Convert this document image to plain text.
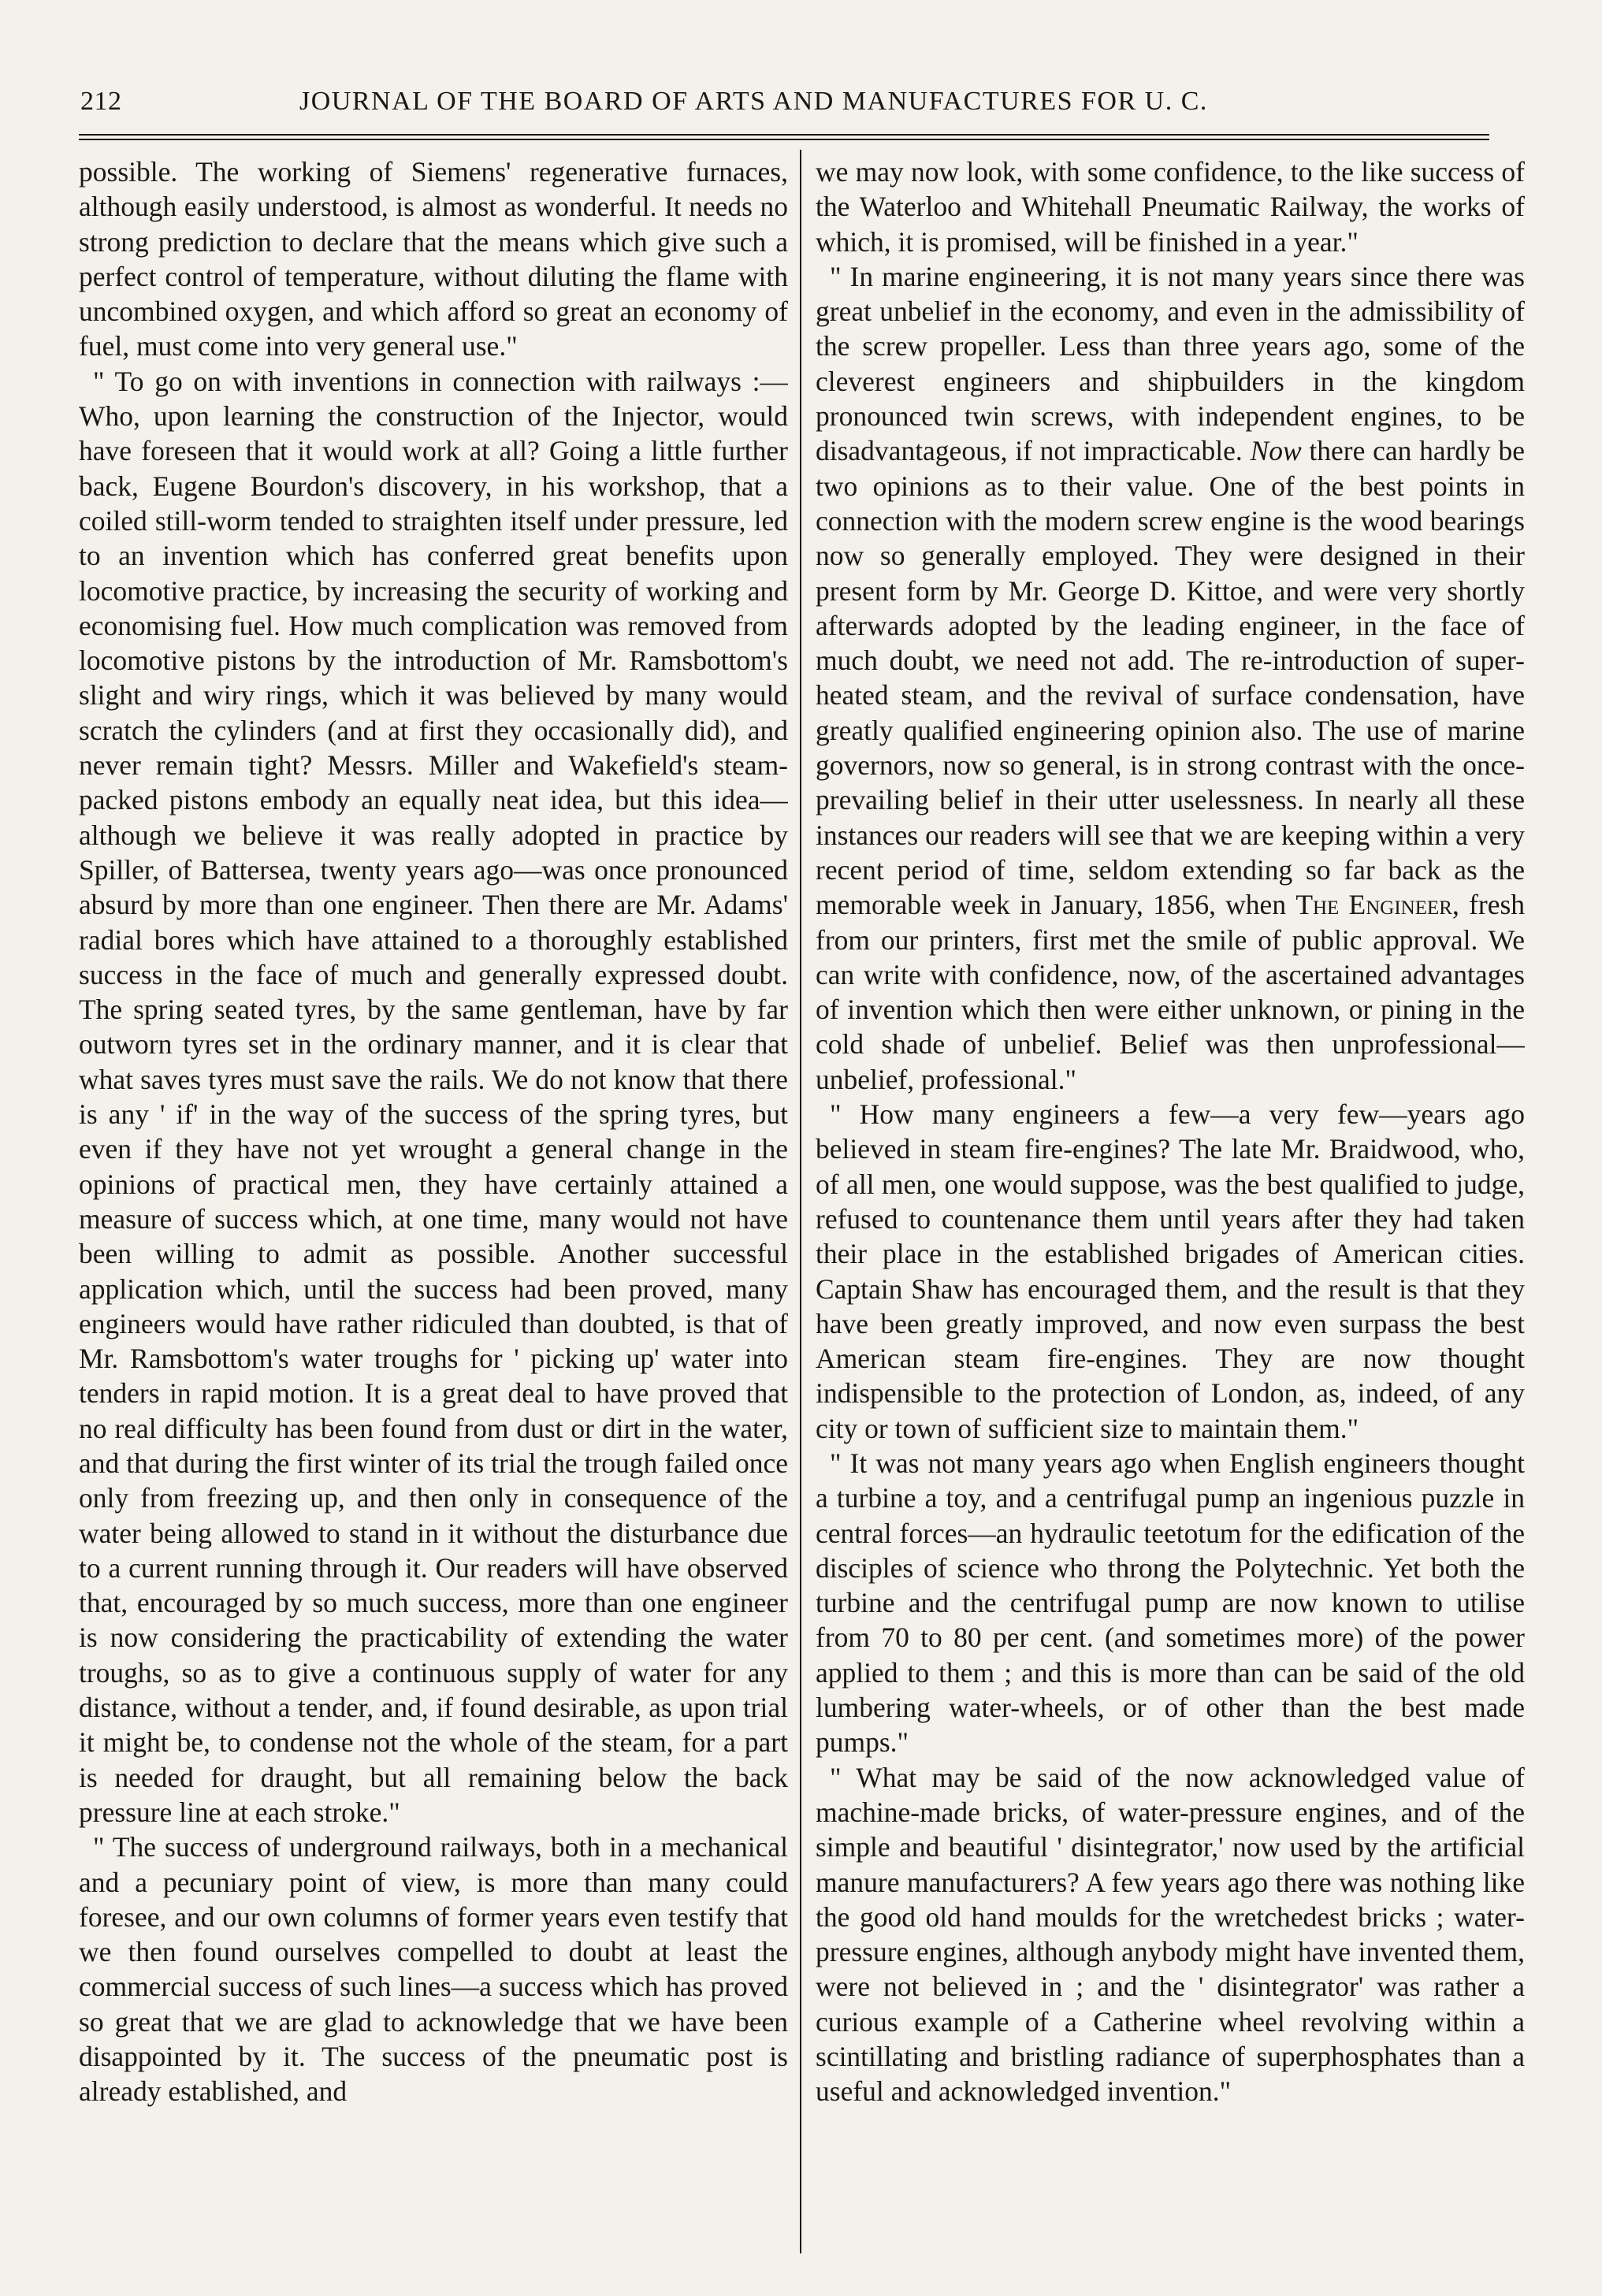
212	JOURNAL OF THE BOARD OF ARTS AND MANUFACTURES FOR U. C.

possible. The working of Siemens' regenerative furnaces, although easily understood, is almost as wonderful. It needs no strong prediction to declare that the means which give such a perfect control of temperature, without diluting the flame with uncombined oxygen, and which afford so great an economy of fuel, must come into very general use."

" To go on with inventions in connection with railways :—Who, upon learning the construction of the Injector, would have foreseen that it would work at all? Going a little further back, Eugene Bourdon's discovery, in his workshop, that a coiled still-worm tended to straighten itself under pressure, led to an invention which has conferred great benefits upon locomotive practice, by increasing the security of working and economising fuel. How much complication was removed from locomotive pistons by the introduction of Mr. Ramsbottom's slight and wiry rings, which it was believed by many would scratch the cylinders (and at first they occasionally did), and never remain tight? Messrs. Miller and Wakefield's steam-packed pistons embody an equally neat idea, but this idea—although we believe it was really adopted in practice by Spiller, of Battersea, twenty years ago—was once pronounced absurd by more than one engineer. Then there are Mr. Adams' radial bores which have attained to a thoroughly established success in the face of much and generally expressed doubt. The spring seated tyres, by the same gentleman, have by far outworn tyres set in the ordinary manner, and it is clear that what saves tyres must save the rails. We do not know that there is any ' if' in the way of the success of the spring tyres, but even if they have not yet wrought a general change in the opinions of practical men, they have certainly attained a measure of success which, at one time, many would not have been willing to admit as possible. Another successful application which, until the success had been proved, many engineers would have rather ridiculed than doubted, is that of Mr. Ramsbottom's water troughs for ' picking up' water into tenders in rapid motion. It is a great deal to have proved that no real difficulty has been found from dust or dirt in the water, and that during the first winter of its trial the trough failed once only from freezing up, and then only in consequence of the water being allowed to stand in it without the disturbance due to a current running through it. Our readers will have observed that, encouraged by so much success, more than one engineer is now considering the practicability of extending the water troughs, so as to give a continuous supply of water for any distance, without a tender, and, if found desirable, as upon trial it might be, to condense not the whole of the steam, for a part is needed for draught, but all remaining below the back pressure line at each stroke."

" The success of underground railways, both in a mechanical and a pecuniary point of view, is more than many could foresee, and our own columns of former years even testify that we then found ourselves compelled to doubt at least the commercial success of such lines—a success which has proved so great that we are glad to acknowledge that we have been disappointed by it. The success of the pneumatic post is already established, and

we may now look, with some confidence, to the like success of the Waterloo and Whitehall Pneumatic Railway, the works of which, it is promised, will be finished in a year."

" In marine engineering, it is not many years since there was great unbelief in the economy, and even in the admissibility of the screw propeller. Less than three years ago, some of the cleverest engineers and shipbuilders in the kingdom pronounced twin screws, with independent engines, to be disadvantageous, if not impracticable. Now there can hardly be two opinions as to their value. One of the best points in connection with the modern screw engine is the wood bearings now so generally employed. They were designed in their present form by Mr. George D. Kittoe, and were very shortly afterwards adopted by the leading engineer, in the face of much doubt, we need not add. The re-introduction of super-heated steam, and the revival of surface condensation, have greatly qualified engineering opinion also. The use of marine governors, now so general, is in strong contrast with the once-prevailing belief in their utter uselessness. In nearly all these instances our readers will see that we are keeping within a very recent period of time, seldom extending so far back as the memorable week in January, 1856, when The Engineer, fresh from our printers, first met the smile of public approval. We can write with confidence, now, of the ascertained advantages of invention which then were either unknown, or pining in the cold shade of unbelief. Belief was then unprofessional—unbelief, professional."

" How many engineers a few—a very few—years ago believed in steam fire-engines? The late Mr. Braidwood, who, of all men, one would suppose, was the best qualified to judge, refused to countenance them until years after they had taken their place in the established brigades of American cities. Captain Shaw has encouraged them, and the result is that they have been greatly improved, and now even surpass the best American steam fire-engines. They are now thought indispensible to the protection of London, as, indeed, of any city or town of sufficient size to maintain them."

" It was not many years ago when English engineers thought a turbine a toy, and a centrifugal pump an ingenious puzzle in central forces—an hydraulic teetotum for the edification of the disciples of science who throng the Polytechnic. Yet both the turbine and the centrifugal pump are now known to utilise from 70 to 80 per cent. (and sometimes more) of the power applied to them ; and this is more than can be said of the old lumbering water-wheels, or of other than the best made pumps."

" What may be said of the now acknowledged value of machine-made bricks, of water-pressure engines, and of the simple and beautiful ' disintegrator,' now used by the artificial manure manufacturers? A few years ago there was nothing like the good old hand moulds for the wretchedest bricks ; water-pressure engines, although anybody might have invented them, were not believed in ; and the ' disintegrator' was rather a curious example of a Catherine wheel revolving within a scintillating and bristling radiance of superphosphates than a useful and acknowledged invention."
